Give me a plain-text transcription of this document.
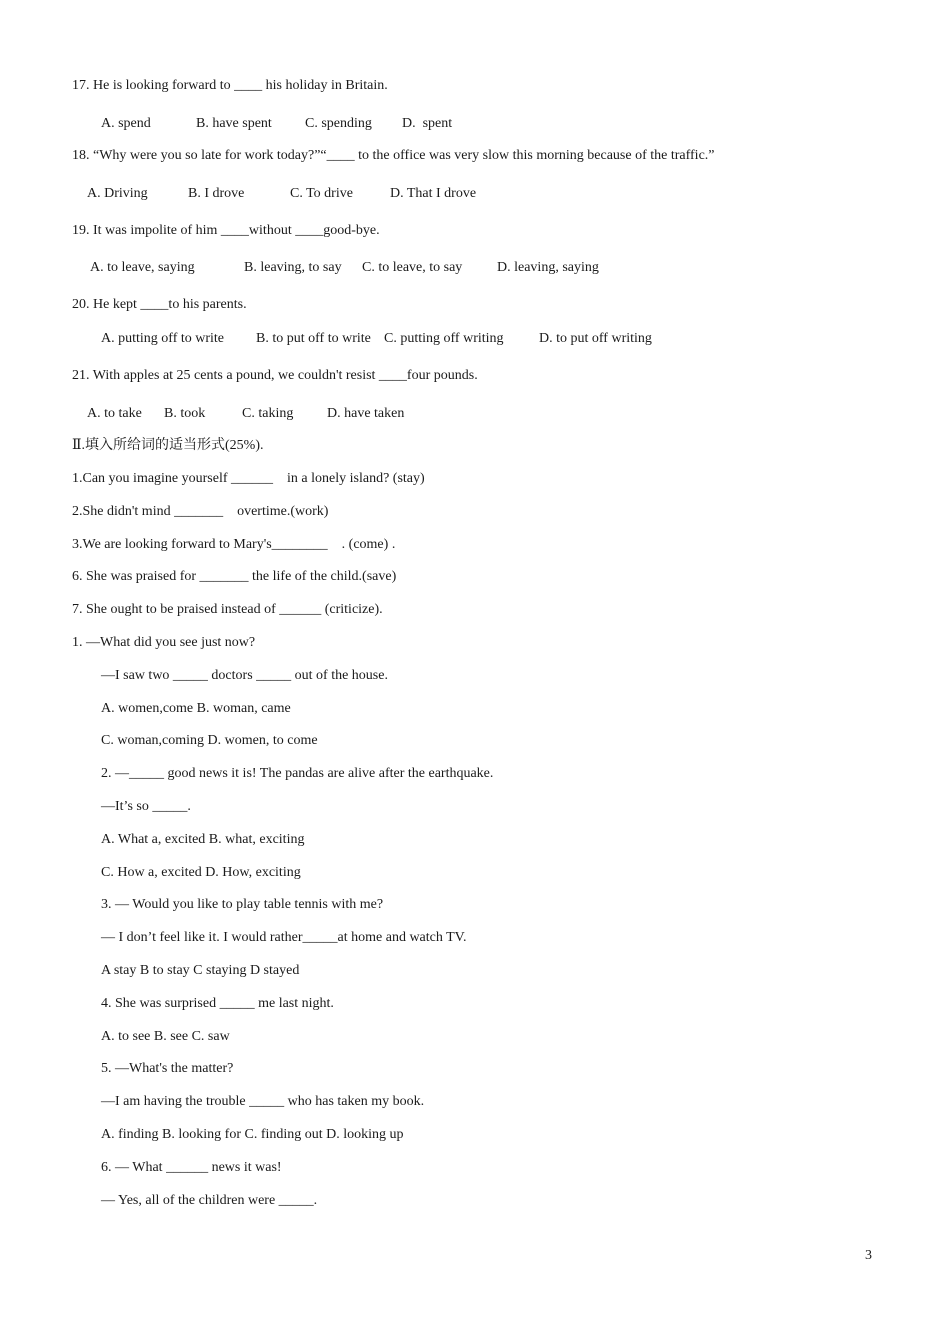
17. He is looking forward to ____ his holiday in Britain.
A. spend	B. have spent C. spending D.  spent
18. “Why were you so late for work today?”“____ to the office was very slow this morning because of the traffic.”
A. Driving	B. I drove	C. To drive	D. That I drove
19. It was impolite of him ____without ____good-bye.
A. to leave, saying	B. leaving, to say C. to leave, to say D. leaving, saying
20. He kept ____to his parents.
A. putting off to write B. to put off to write C. putting off writing	D. to put off writing
21. With apples at 25 cents a pound, we couldn't resist ____four pounds.
A. to take B. took	C. taking D. have taken
Ⅱ.填入所给词的适当形式(25%).
1.Can you imagine yourself ______    in a lonely island? (stay)
2.She didn't mind _______    overtime.(work)
3.We are looking forward to Mary's________    . (come) .
6. She was praised for _______ the life of the child.(save)
7. She ought to be praised instead of ______ (criticize).
1. —What did you see just now?
—I saw two _____ doctors _____ out of the house.
A. women,come B. woman, came
C. woman,coming D. women, to come
2. —_____ good news it is! The pandas are alive after the earthquake.
—It’s so _____.
A. What a, excited B. what, exciting
C. How a, excited D. How, exciting
3. — Would you like to play table tennis with me?
— I don’t feel like it. I would rather_____at home and watch TV.
A stay B to stay C staying D stayed
4. She was surprised _____ me last night.
A. to see B. see C. saw
5. —What's the matter?
—I am having the trouble _____ who has taken my book.
A. finding B. looking for C. finding out D. looking up
6. — What ______ news it was!
— Yes, all of the children were _____.
3
